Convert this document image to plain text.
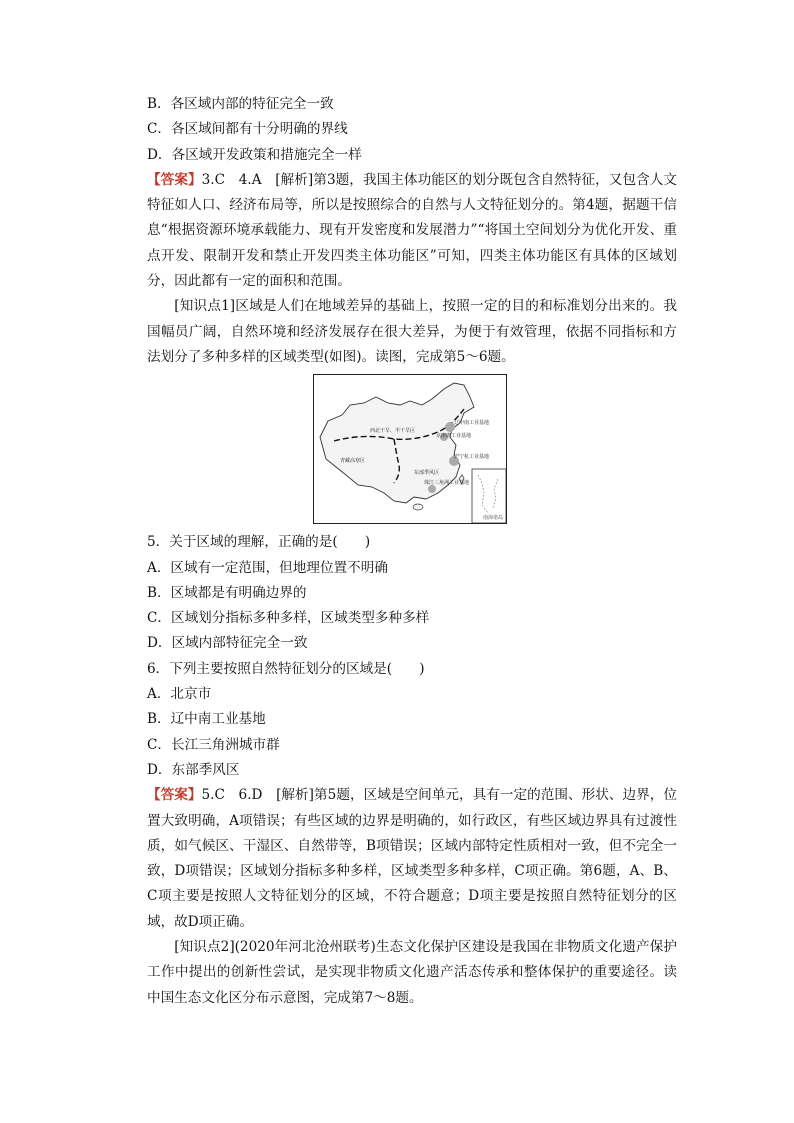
B．各区域内部的特征完全一致
C．各区域间都有十分明确的界线
D．各区域开发政策和措施完全一样
【答案】3.C　4.A　[解析]第3题，我国主体功能区的划分既包含自然特征，又包含人文特征如人口、经济布局等，所以是按照综合的自然与人文特征划分的。第4题，据题干信息“根据资源环境承载能力、现有开发密度和发展潜力”“将国土空间划分为优化开发、重点开发、限制开发和禁止开发四类主体功能区”可知，四类主体功能区有具体的区域划分，因此都有一定的面积和范围。
[知识点1]区域是人们在地域差异的基础上，按照一定的目的和标准划分出来的。我国幅员广阔，自然环境和经济发展存在很大差异，为便于有效管理，依据不同指标和方法划分了多种多样的区域类型(如图)。读图，完成第5～6题。
西北干旱、半干旱区
辽中南工业基地
京津唐工业基地
青藏高寒区
东部季风区
沪宁杭工业基地
珠江三角洲工业基地
南海诸岛
5．关于区域的理解，正确的是(　　)
A．区域有一定范围，但地理位置不明确
B．区域都是有明确边界的
C．区域划分指标多种多样，区域类型多种多样
D．区域内部特征完全一致
6．下列主要按照自然特征划分的区域是(　　)
A．北京市
B．辽中南工业基地
C．长江三角洲城市群
D．东部季风区
【答案】5.C　6.D　[解析]第5题，区域是空间单元，具有一定的范围、形状、边界，位置大致明确，A项错误；有些区域的边界是明确的，如行政区，有些区域边界具有过渡性质，如气候区、干湿区、自然带等，B项错误；区域内部特定性质相对一致，但不完全一致，D项错误；区域划分指标多种多样，区域类型多种多样，C项正确。第6题，A、B、C项主要是按照人文特征划分的区域，不符合题意；D项主要是按照自然特征划分的区域，故D项正确。
[知识点2](2020年河北沧州联考)生态文化保护区建设是我国在非物质文化遗产保护工作中提出的创新性尝试，是实现非物质文化遗产活态传承和整体保护的重要途径。读中国生态文化区分布示意图，完成第7～8题。
